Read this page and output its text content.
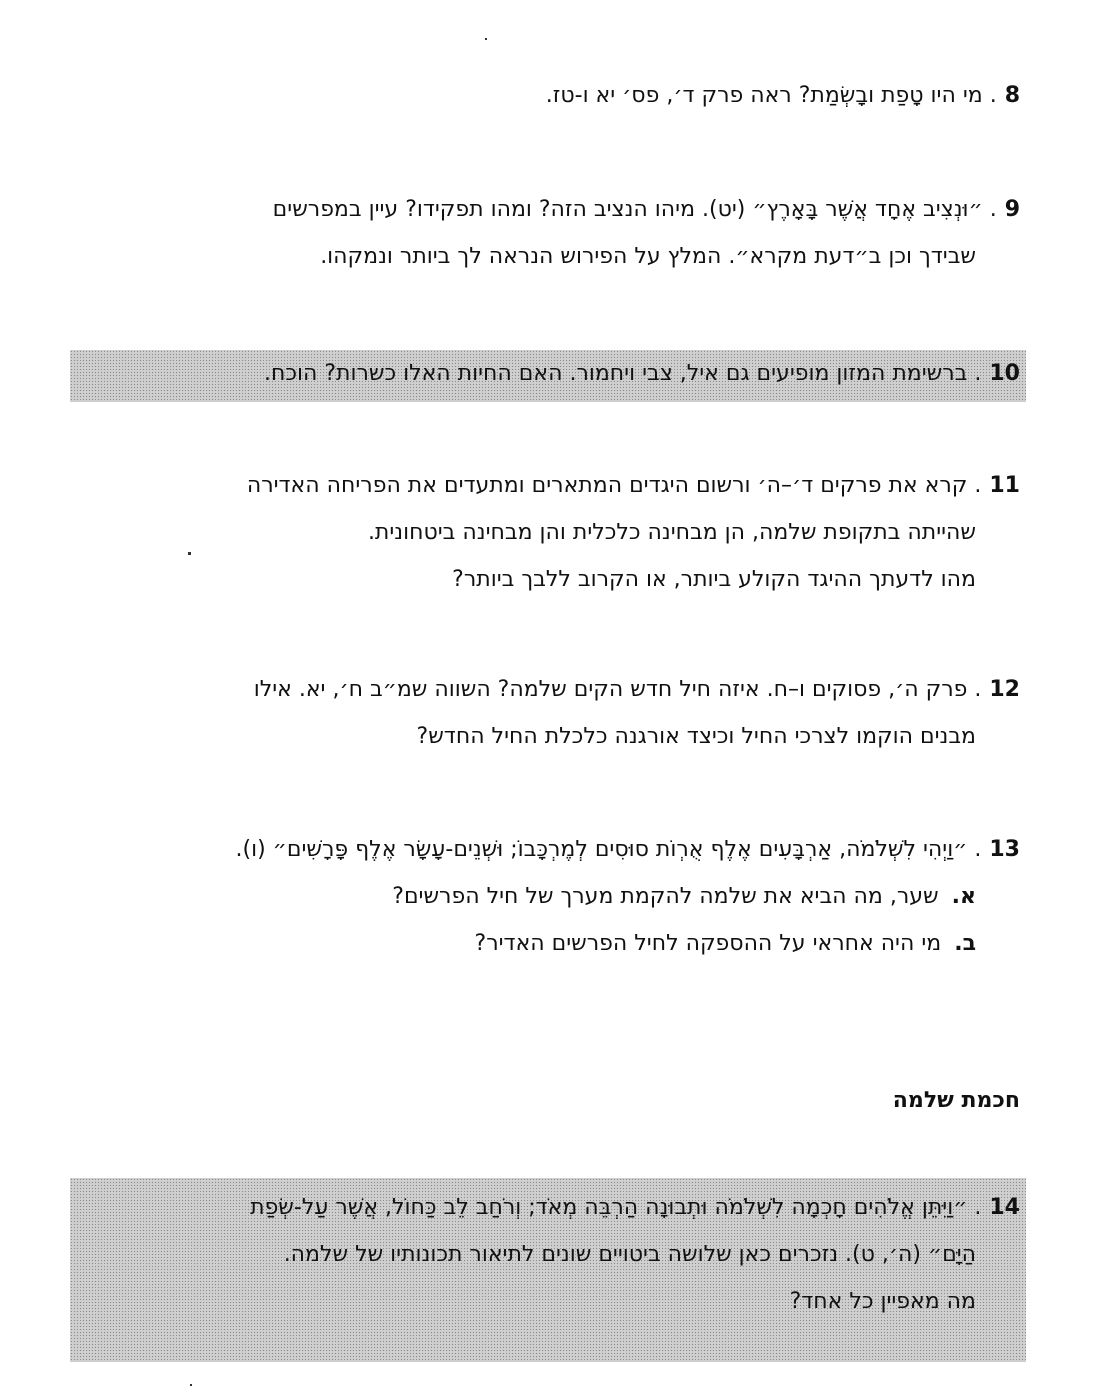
8. מי היו טָפַת ובָשְׂמַת? ראה פרק ד׳, פס׳ יא ו-טז.
9. ״וּנְצִיב אֶחָד אֲשֶׁר בָּאָרֶץ״ (יט). מיהו הנציב הזה? ומהו תפקידו? עיין במפרשים
שבידך וכן ב״דעת מקרא״. המלץ על הפירוש הנראה לך ביותר ונמקהו.
10. ברשימת המזון מופיעים גם איל, צבי ויחמור. האם החיות האלו כשרות? הוכח.
11. קרא את פרקים ד׳–ה׳ ורשום היגדים המתארים ומתעדים את הפריחה האדירה
שהייתה בתקופת שלמה, הן מבחינה כלכלית והן מבחינה ביטחונית.
מהו לדעתך ההיגד הקולע ביותר, או הקרוב ללבך ביותר?
12. פרק ה׳, פסוקים ו–ח. איזה חיל חדש הקים שלמה? השווה שמ״ב ח׳, יא. אילו
מבנים הוקמו לצרכי החיל וכיצד אורגנה כלכלת החיל החדש?
13. ״וַיְהִי לִשְׁלֹמֹה, אַרְבָּעִים אֶלֶף אֻרְוֹת סוּסִים לְמֶרְכָּבוֹ; וּשְׁנֵים-עָשָׂר אֶלֶף פָּרָשִׁים״ (ו).
א. שער, מה הביא את שלמה להקמת מערך של חיל הפרשים?
ב. מי היה אחראי על ההספקה לחיל הפרשים האדיר?
חכמת שלמה
14. ״וַיִּתֵּן אֱלֹהִים חָכְמָה לִשְׁלֹמֹה וּתְבוּנָה הַרְבֵּה מְאֹד; וְרֹחַב לֵב כַּחוֹל, אֲשֶׁר עַל-שְׂפַת
הַיָּם״ (ה׳, ט). נזכרים כאן שלושה ביטויים שונים לתיאור תכונותיו של שלמה.
מה מאפיין כל אחד?
